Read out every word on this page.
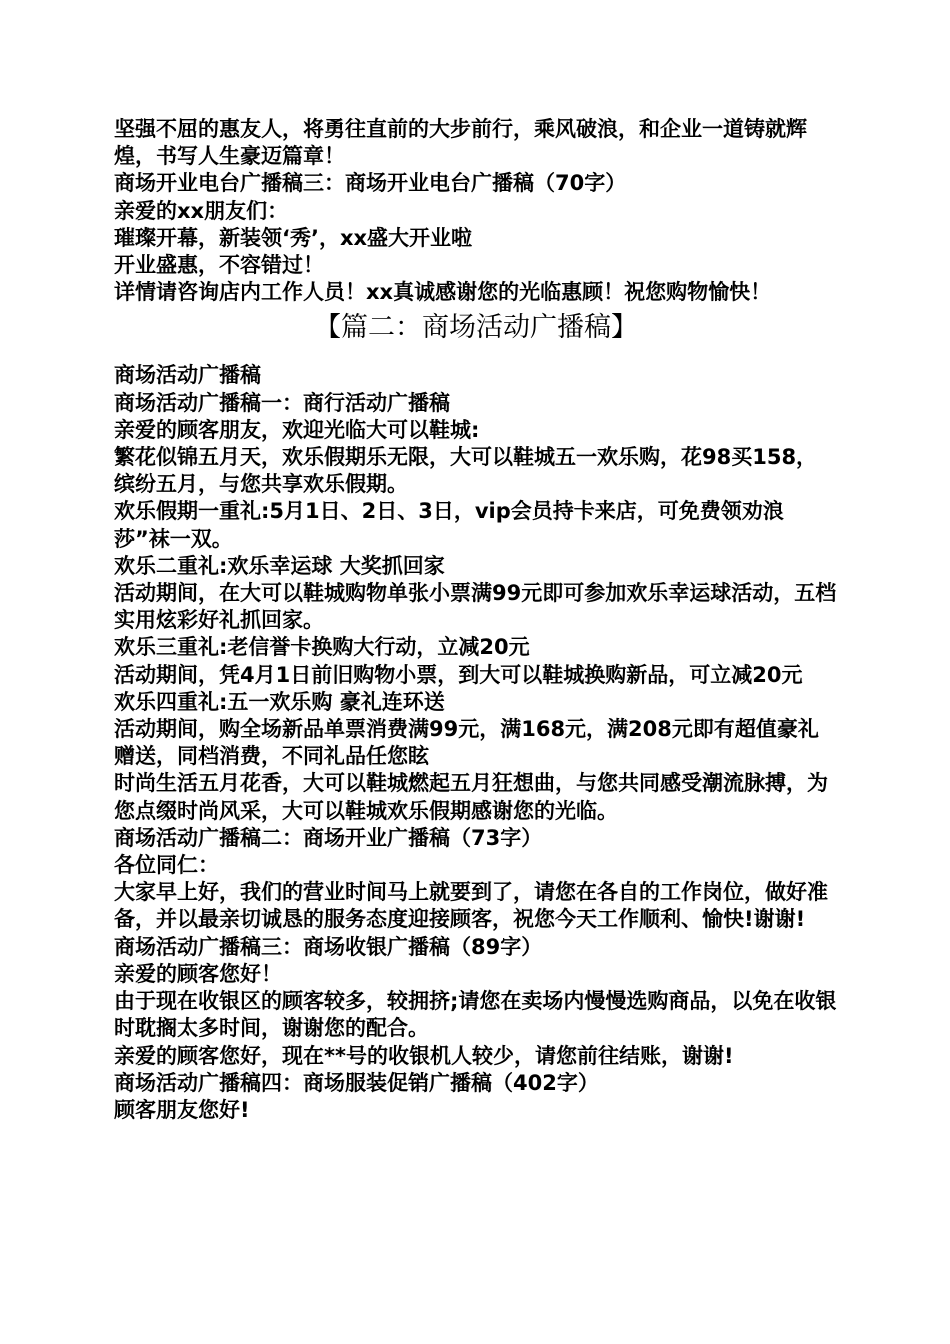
坚强不屈的惠友人，将勇往直前的大步前行，乘风破浪，和企业一道铸就辉煌，书写人生豪迈篇章！

商场开业电台广播稿三：商场开业电台广播稿（70字）

亲爱的xx朋友们：

璀璨开幕，新装领‘秀’，xx盛大开业啦

开业盛惠，不容错过！

详情请咨询店内工作人员！xx真诚感谢您的光临惠顾！祝您购物愉快！

【篇二：商场活动广播稿】

商场活动广播稿

商场活动广播稿一：商行活动广播稿

亲爱的顾客朋友，欢迎光临大可以鞋城:

繁花似锦五月天，欢乐假期乐无限，大可以鞋城五一欢乐购，花98买158，缤纷五月，与您共享欢乐假期。

欢乐假期一重礼:5月1日、2日、3日，vip会员持卡来店，可免费领劝浪莎”袜一双。

欢乐二重礼:欢乐幸运球 大奖抓回家

活动期间，在大可以鞋城购物单张小票满99元即可参加欢乐幸运球活动，五档实用炫彩好礼抓回家。

欢乐三重礼:老信誉卡换购大行动，立减20元

活动期间，凭4月1日前旧购物小票，到大可以鞋城换购新品，可立减20元

欢乐四重礼:五一欢乐购 豪礼连环送

活动期间，购全场新品单票消费满99元，满168元，满208元即有超值豪礼赠送，同档消费，不同礼品任您眩

时尚生活五月花香，大可以鞋城燃起五月狂想曲，与您共同感受潮流脉搏，为您点缀时尚风采，大可以鞋城欢乐假期感谢您的光临。

商场活动广播稿二：商场开业广播稿（73字）

各位同仁：

大家早上好，我们的营业时间马上就要到了，请您在各自的工作岗位，做好准备，并以最亲切诚恳的服务态度迎接顾客，祝您今天工作顺利、愉快!谢谢!

商场活动广播稿三：商场收银广播稿（89字）

亲爱的顾客您好！

由于现在收银区的顾客较多，较拥挤;请您在卖场内慢慢选购商品，以免在收银时耽搁太多时间，谢谢您的配合。

亲爱的顾客您好，现在**号的收银机人较少，请您前往结账，谢谢!

商场活动广播稿四：商场服装促销广播稿（402字）

顾客朋友您好!
